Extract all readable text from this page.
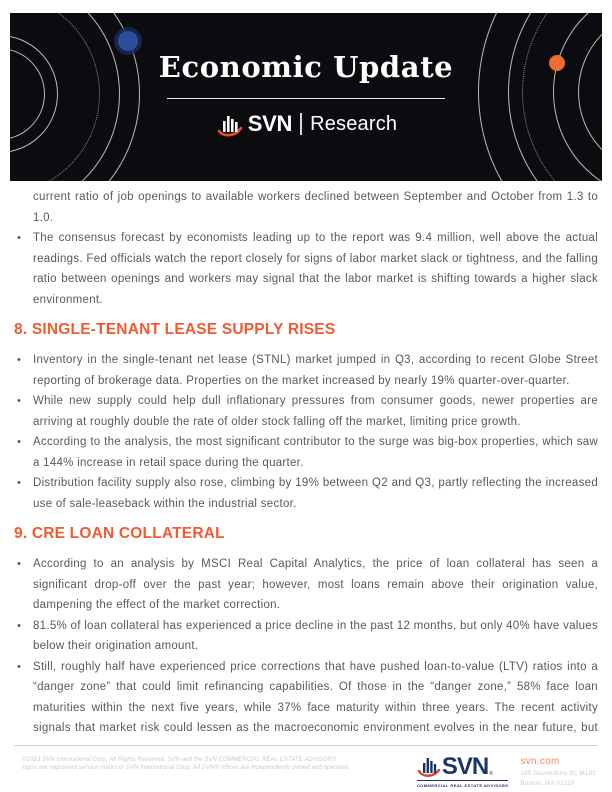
Economic Update
SVN Research

current ratio of job openings to available workers declined between September and October from 1.3 to 1.0.

• The consensus forecast by economists leading up to the report was 9.4 million, well above the actual readings. Fed officials watch the report closely for signs of labor market slack or tightness, and the falling ratio between openings and workers may signal that the labor market is shifting towards a higher slack environment.
8. SINGLE-TENANT LEASE SUPPLY RISES
• Inventory in the single-tenant net lease (STNL) market jumped in Q3, according to recent Globe Street reporting of brokerage data. Properties on the market increased by nearly 19% quarter-over-quarter.
• While new supply could help dull inflationary pressures from consumer goods, newer properties are arriving at roughly double the rate of older stock falling off the market, limiting price growth.
• According to the analysis, the most significant contributor to the surge was big-box properties, which saw a 144% increase in retail space during the quarter.
• Distribution facility supply also rose, climbing by 19% between Q2 and Q3, partly reflecting the increased use of sale-leaseback within the industrial sector.
9. CRE LOAN COLLATERAL
• According to an analysis by MSCI Real Capital Analytics, the price of loan collateral has seen a significant drop-off over the past year; however, most loans remain above their origination value, dampening the effect of the market correction.
• 81.5% of loan collateral has experienced a price decline in the past 12 months, but only 40% have values below their origination amount.
• Still, roughly half have experienced price corrections that have pushed loan-to-value (LTV) ratios into a “danger zone” that could limit refinancing capabilities. Of those in the “danger zone,” 58% face loan maturities within the next five years, while 37% face maturity within three years. The recent activity signals that market risk could lessen as the macroeconomic environment evolves in the near future, but

©2023 SVN International Corp. All Rights Reserved. SVN and the SVN COMMERCIAL REAL ESTATE ADVISORS logos are registered service marks of SVN International Corp. All SVN® offices are independently owned and operated.	SVN ®
COMMERCIAL REAL ESTATE ADVISORS
svn.com
185 Devonshire St, M102
Boston, MA 02110
